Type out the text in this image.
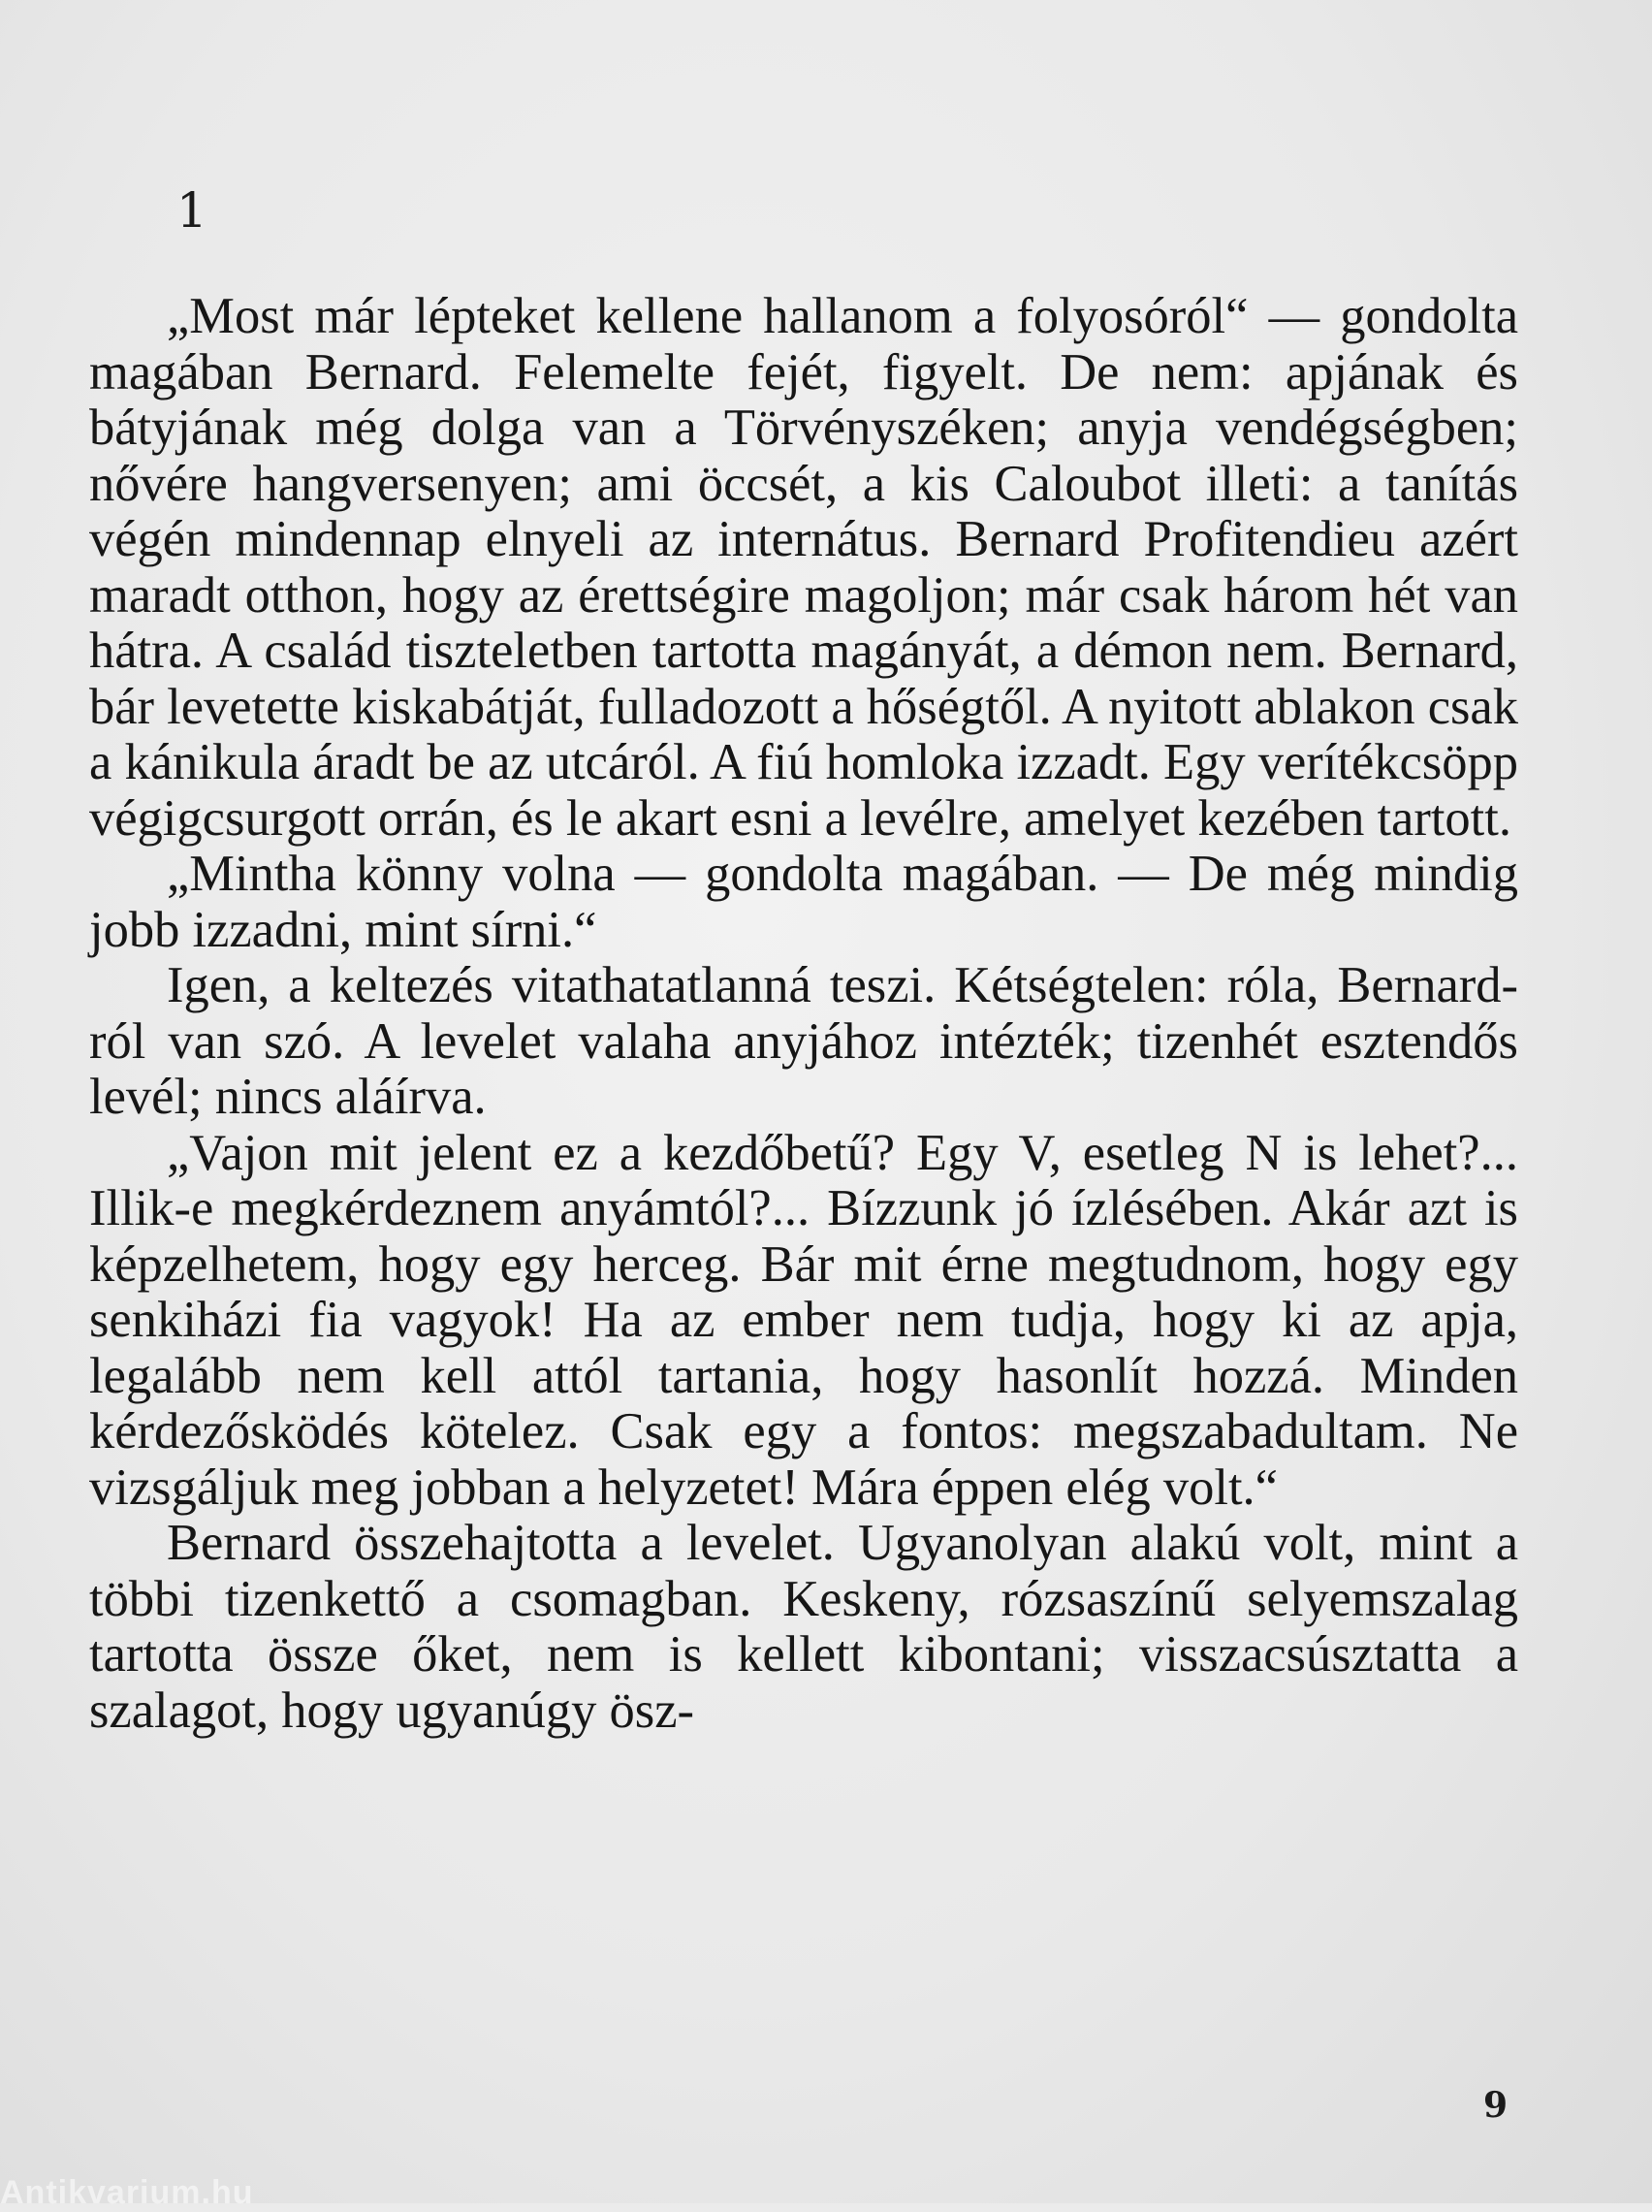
1

„Most már lépteket kellene hallanom a folyosóról“ — gondolta magában Bernard. Felemelte fejét, figyelt. De nem: apjának és bátyjának még dolga van a Törvényszéken; anyja vendégségben; nővére hangversenyen; ami öccsét, a kis Caloubot illeti: a tanítás végén mindennap elnyeli az internátus. Bernard Profitendieu azért maradt otthon, hogy az érettségire magoljon; már csak három hét van hátra. A család tiszteletben tartotta magányát, a démon nem. Bernard, bár levetette kiskabátját, fulladozott a hőségtől. A nyitott ablakon csak a kánikula áradt be az utcáról. A fiú homloka izzadt. Egy verítékcsöpp végigcsurgott orrán, és le akart esni a levélre, amelyet kezében tartott.

„Mintha könny volna — gondolta magában. — De még mindig jobb izzadni, mint sírni.“

Igen, a keltezés vitathatatlanná teszi. Kétségtelen: róla, Bernard-ról van szó. A levelet valaha anyjához intézték; tizenhét esztendős levél; nincs aláírva.

„Vajon mit jelent ez a kezdőbetű? Egy V, esetleg N is lehet?... Illik-e megkérdeznem anyámtól?... Bízzunk jó ízlésében. Akár azt is képzelhetem, hogy egy herceg. Bár mit érne megtudnom, hogy egy senkiházi fia vagyok! Ha az ember nem tudja, hogy ki az apja, legalább nem kell attól tartania, hogy hasonlít hozzá. Minden kérdezősködés kötelez. Csak egy a fontos: megszabadultam. Ne vizsgáljuk meg jobban a helyzetet! Mára éppen elég volt.“

Bernard összehajtotta a levelet. Ugyanolyan alakú volt, mint a többi tizenkettő a csomagban. Keskeny, rózsaszínű selyemszalag tartotta össze őket, nem is kellett kibontani; visszacsúsztatta a szalagot, hogy ugyanúgy ösz-

9
Antikvarium.hu
